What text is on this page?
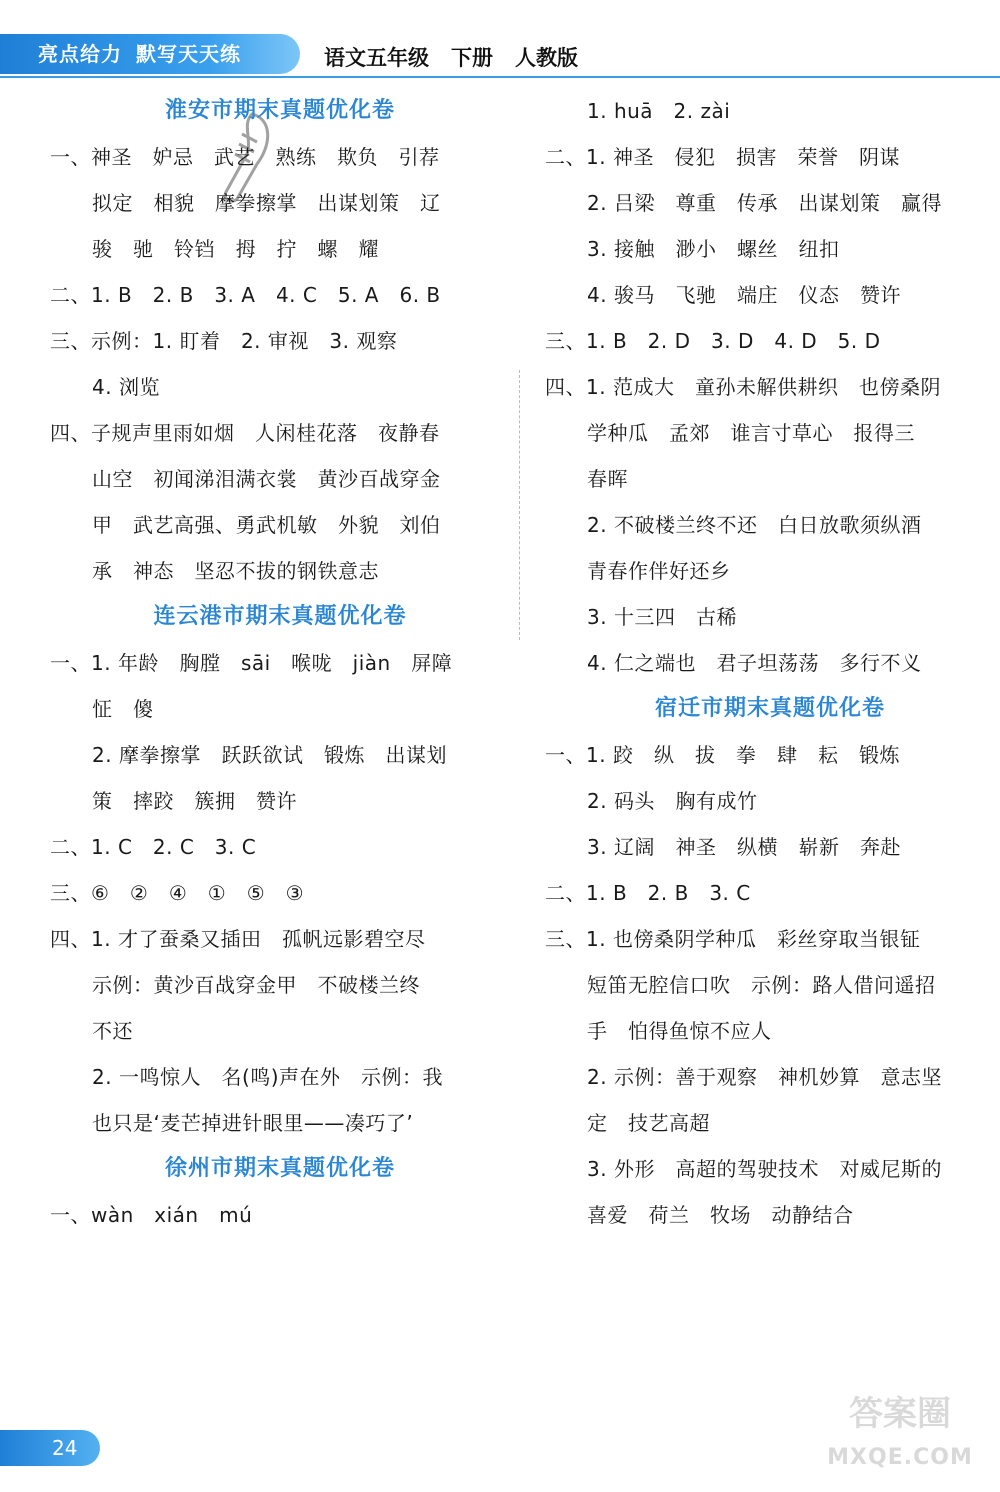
亮点给力 默写天天练	语文五年级 下册 人教版
淮安市期末真题优化卷
一、神圣　妒忌　武艺　熟练　欺负　引荐
拟定　相貌　摩拳擦掌　出谋划策　辽
骏　驰　铃铛　拇　拧　螺　耀
二、1. B　2. B　3. A　4. C　5. A　6. B
三、示例：1. 盯着　2. 审视　3. 观察
4. 浏览
四、子规声里雨如烟　人闲桂花落　夜静春
山空　初闻涕泪满衣裳　黄沙百战穿金
甲　武艺高强、勇武机敏　外貌　刘伯
承　神态　坚忍不拔的钢铁意志
连云港市期末真题优化卷
一、1. 年龄　胸膛　sāi　喉咙　jiàn　屏障
怔　傻
2. 摩拳擦掌　跃跃欲试　锻炼　出谋划
策　摔跤　簇拥　赞许
二、1. C　2. C　3. C
三、⑥　②　④　①　⑤　③
四、1. 才了蚕桑又插田　孤帆远影碧空尽
示例：黄沙百战穿金甲　不破楼兰终
不还
2. 一鸣惊人　名(鸣)声在外　示例：我
也只是‘麦芒掉进针眼里——凑巧了’
徐州市期末真题优化卷
一、wàn　xián　mú
1. huā　2. zài
二、1. 神圣　侵犯　损害　荣誉　阴谋
2. 吕梁　尊重　传承　出谋划策　赢得
3. 接触　渺小　螺丝　纽扣
4. 骏马　飞驰　端庄　仪态　赞许
三、1. B　2. D　3. D　4. D　5. D
四、1. 范成大　童孙未解供耕织　也傍桑阴
学种瓜　孟郊　谁言寸草心　报得三
春晖
2. 不破楼兰终不还　白日放歌须纵酒
青春作伴好还乡
3. 十三四　古稀
4. 仁之端也　君子坦荡荡　多行不义
宿迁市期末真题优化卷
一、1. 跤　纵　拔　拳　肆　耘　锻炼
2. 码头　胸有成竹
3. 辽阔　神圣　纵横　崭新　奔赴
二、1. B　2. B　3. C
三、1. 也傍桑阴学种瓜　彩丝穿取当银钲
短笛无腔信口吹　示例：路人借问遥招
手　怕得鱼惊不应人
2. 示例：善于观察　神机妙算　意志坚
定　技艺高超
3. 外形　高超的驾驶技术　对威尼斯的
喜爱　荷兰　牧场　动静结合
24
答案圈
MXQE.COM
